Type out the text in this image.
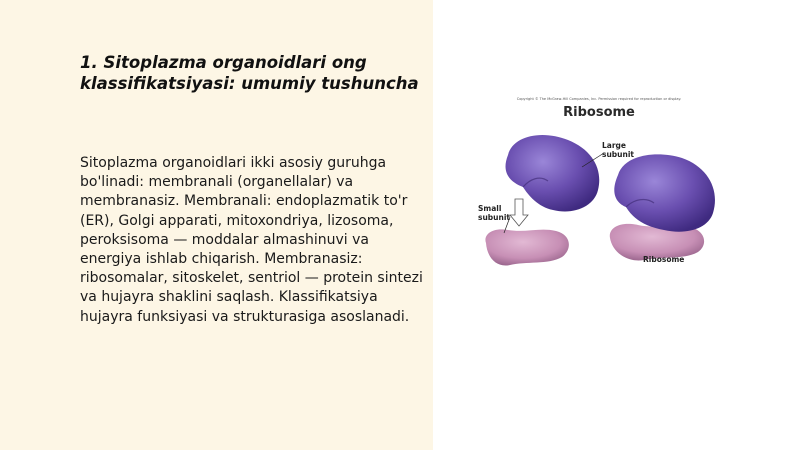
1. Sitoplazma organoidlari ong klassifikatsiyasi: umumiy tushuncha

Sitoplazma organoidlari ikki asosiy guruhga bo'linadi: membranali (organellalar) va membranasiz. Membranali: endoplazmatik to'r (ER), Golgi apparati, mitoxondriya, lizosoma, peroksisoma — moddalar almashinuvi va energiya ishlab chiqarish. Membranasiz: ribosomalar, sitoskelet, sentriol — protein sintezi va hujayra shaklini saqlash. Klassifikatsiya hujayra funksiyasi va strukturasiga asoslanadi.

Copyright © The McGraw-Hill Companies, Inc. Permission required for reproduction or display.
Ribosome
Large subunit
Small subunit
Ribosome
